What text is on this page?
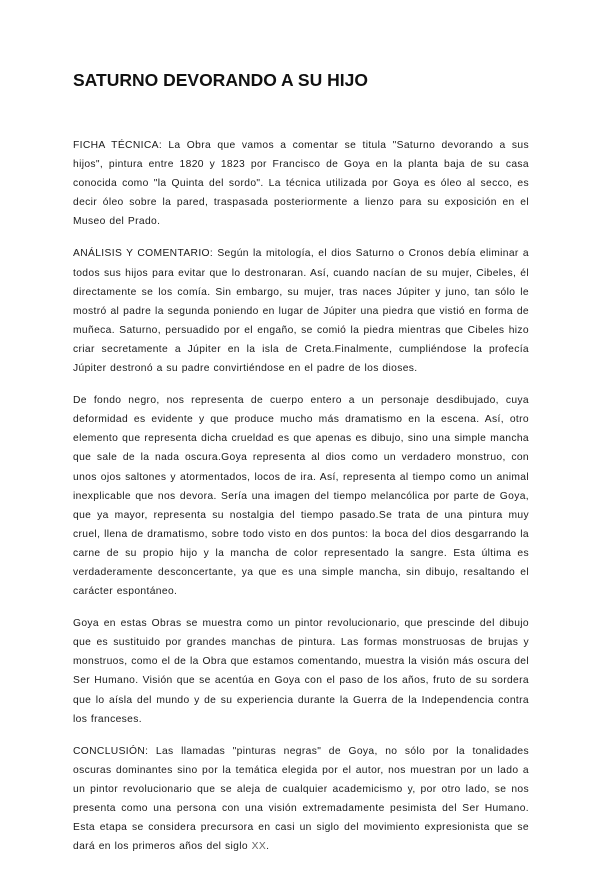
SATURNO DEVORANDO A SU HIJO

FICHA TÉCNICA: La Obra que vamos a comentar se titula "Saturno devorando a sus hijos", pintura entre 1820 y 1823 por Francisco de Goya en la planta baja de su casa conocida como "la Quinta del sordo". La técnica utilizada por Goya es óleo al secco, es decir óleo sobre la pared, traspasada posteriormente a lienzo para su exposición en el Museo del Prado.

ANÁLISIS Y COMENTARIO: Según la mitología, el dios Saturno o Cronos debía eliminar a todos sus hijos para evitar que lo destronaran. Así, cuando nacían de su mujer, Cibeles, él directamente se los comía. Sin embargo, su mujer, tras naces Júpiter y juno, tan sólo le mostró al padre la segunda poniendo en lugar de Júpiter una piedra que vistió en forma de muñeca. Saturno, persuadido por el engaño, se comió la piedra mientras que Cibeles hizo criar secretamente a Júpiter en la isla de Creta.Finalmente, cumpliéndose la profecía Júpiter destronó a su padre convirtiéndose en el padre de los dioses.

De fondo negro, nos representa de cuerpo entero a un personaje desdibujado, cuya deformidad es evidente y que produce mucho más dramatismo en la escena. Así, otro elemento que representa dicha crueldad es que apenas es dibujo, sino una simple mancha que sale de la nada oscura.Goya representa al dios como un verdadero monstruo, con unos ojos saltones y atormentados, locos de ira. Así, representa al tiempo como un animal inexplicable que nos devora. Sería una imagen del tiempo melancólica por parte de Goya, que ya mayor, representa su nostalgia del tiempo pasado.Se trata de una pintura muy cruel, llena de dramatismo, sobre todo visto en dos puntos: la boca del dios desgarrando la carne de su propio hijo y la mancha de color representado la sangre. Esta última es verdaderamente desconcertante, ya que es una simple mancha, sin dibujo, resaltando el carácter espontáneo.

Goya en estas Obras se muestra como un pintor revolucionario, que prescinde del dibujo que es sustituido por grandes manchas de pintura. Las formas monstruosas de brujas y monstruos, como el de la Obra que estamos comentando, muestra la visión más oscura del Ser Humano. Visión que se acentúa en Goya con el paso de los años, fruto de su sordera que lo aísla del mundo y de su experiencia durante la Guerra de la Independencia contra los franceses.

CONCLUSIÓN: Las llamadas "pinturas negras" de Goya, no sólo por la tonalidades oscuras dominantes sino por la temática elegida por el autor, nos muestran por un lado a un pintor revolucionario que se aleja de cualquier academicismo y, por otro lado, se nos presenta como una persona con una visión extremadamente pesimista del Ser Humano. Esta etapa se considera precursora en casi un siglo del movimiento expresionista que se dará en los primeros años del siglo XX.
